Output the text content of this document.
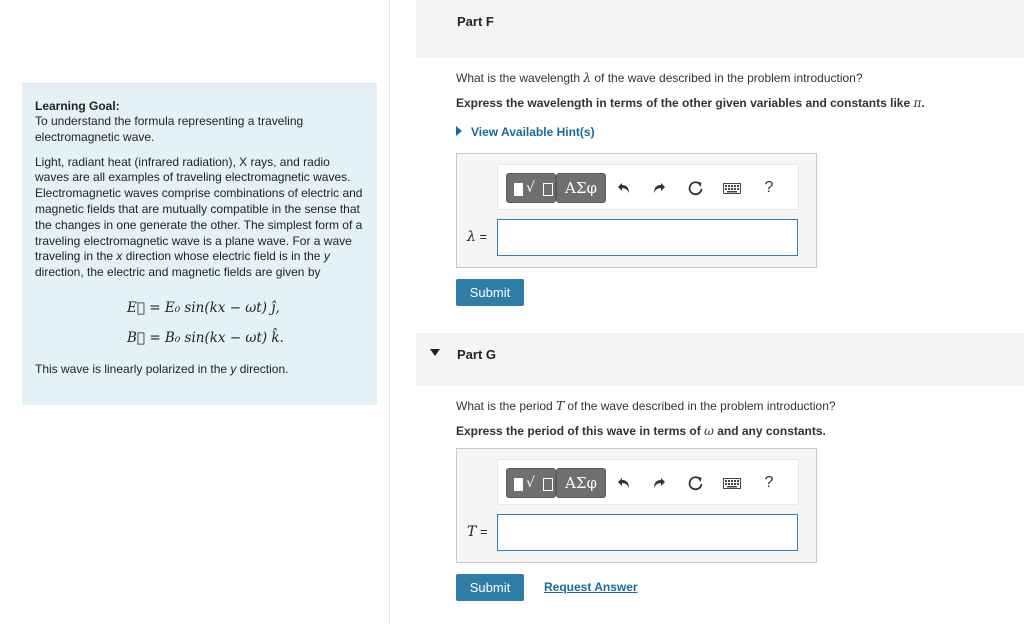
Learning Goal:
To understand the formula representing a traveling electromagnetic wave.
Light, radiant heat (infrared radiation), X rays, and radio waves are all examples of traveling electromagnetic waves. Electromagnetic waves comprise combinations of electric and magnetic fields that are mutually compatible in the sense that the changes in one generate the other. The simplest form of a traveling electromagnetic wave is a plane wave. For a wave traveling in the x direction whose electric field is in the y direction, the electric and magnetic fields are given by
E⃗ = E₀ sin(kx − ωt) ĵ,
B⃗ = B₀ sin(kx − ωt) k̂.
This wave is linearly polarized in the y direction.
Part F
What is the wavelength λ of the wave described in the problem introduction?
Express the wavelength in terms of the other given variables and constants like π.
View Available Hint(s)
√	ΑΣφ	?
λ =
Submit
Part G
What is the period T of the wave described in the problem introduction?
Express the period of this wave in terms of ω and any constants.
√	ΑΣφ	?
T =
Submit	Request Answer
